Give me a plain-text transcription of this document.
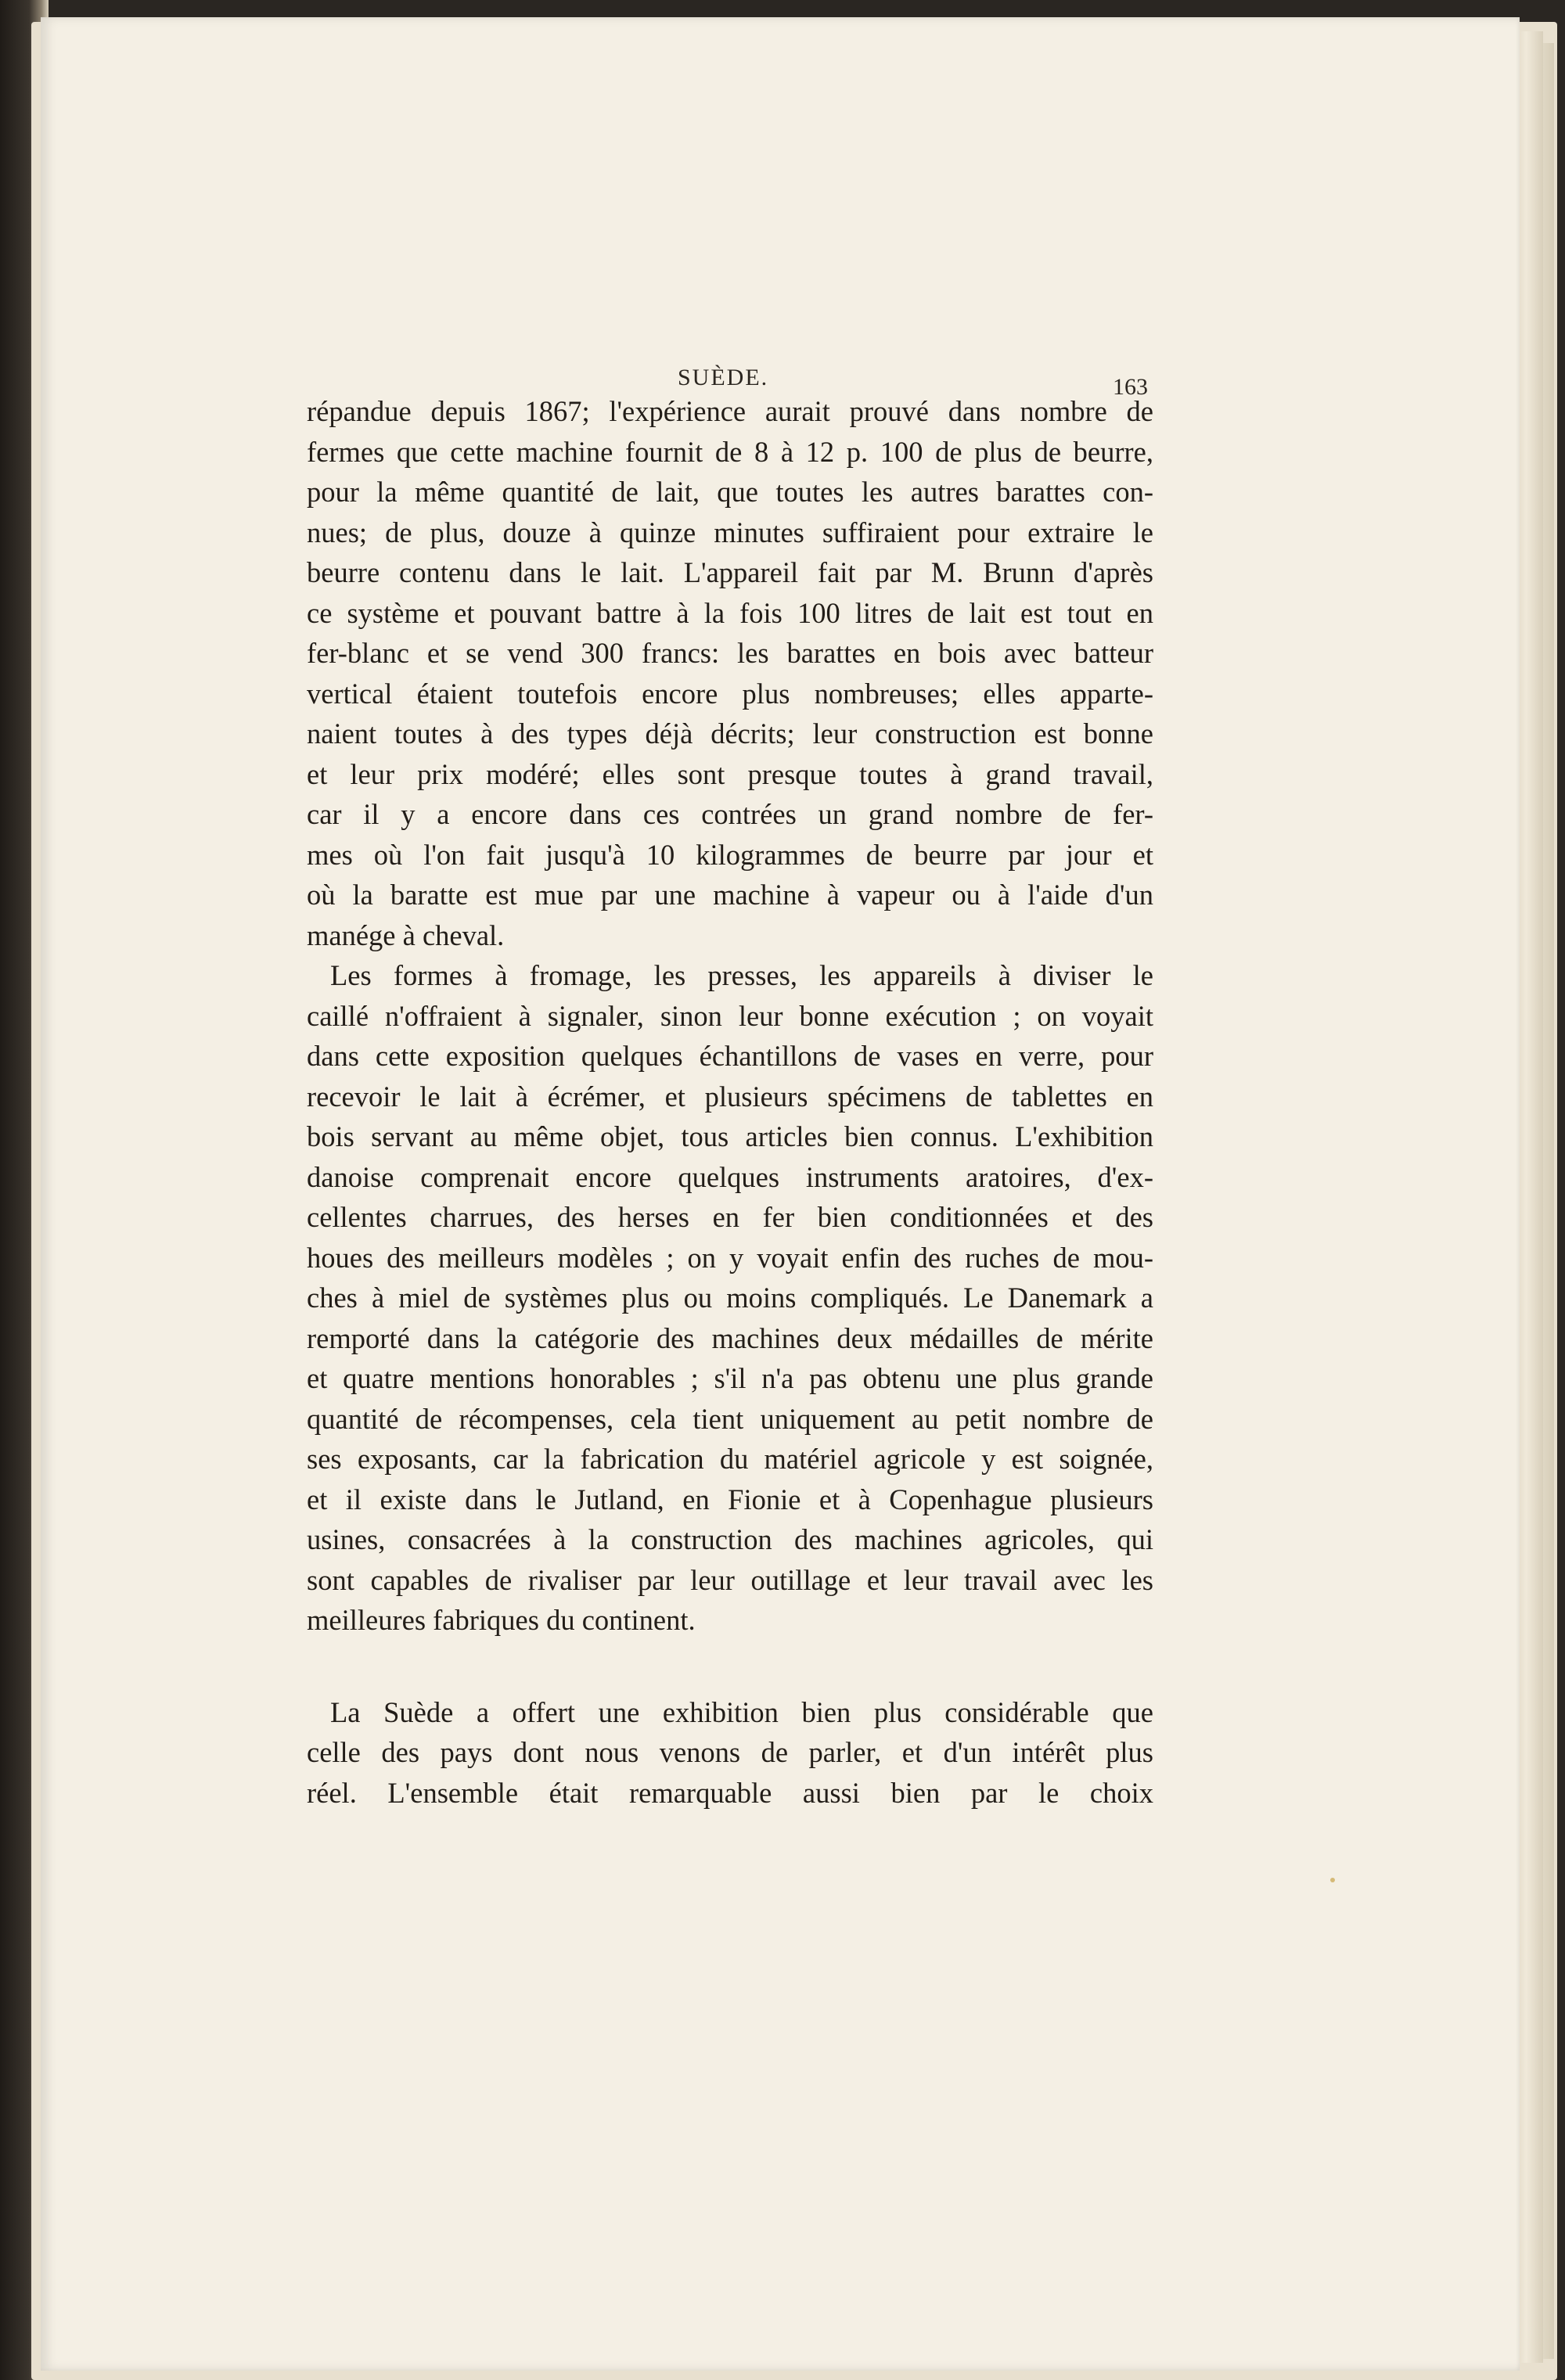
SUÈDE.	163

répandue depuis 1867; l'expérience aurait prouvé dans nombre de
fermes que cette machine fournit de 8 à 12 p. 100 de plus de beurre,
pour la même quantité de lait, que toutes les autres barattes con-
nues; de plus, douze à quinze minutes suffiraient pour extraire le
beurre contenu dans le lait. L'appareil fait par M. Brunn d'après
ce système et pouvant battre à la fois 100 litres de lait est tout en
fer-blanc et se vend 300 francs: les barattes en bois avec batteur
vertical étaient toutefois encore plus nombreuses; elles apparte-
naient toutes à des types déjà décrits; leur construction est bonne
et leur prix modéré; elles sont presque toutes à grand travail,
car il y a encore dans ces contrées un grand nombre de fer-
mes où l'on fait jusqu'à 10 kilogrammes de beurre par jour et
où la baratte est mue par une machine à vapeur ou à l'aide d'un
manége à cheval.

Les formes à fromage, les presses, les appareils à diviser le
caillé n'offraient à signaler, sinon leur bonne exécution ; on voyait
dans cette exposition quelques échantillons de vases en verre, pour
recevoir le lait à écrémer, et plusieurs spécimens de tablettes en
bois servant au même objet, tous articles bien connus. L'exhibition
danoise comprenait encore quelques instruments aratoires, d'ex-
cellentes charrues, des herses en fer bien conditionnées et des
houes des meilleurs modèles ; on y voyait enfin des ruches de mou-
ches à miel de systèmes plus ou moins compliqués. Le Danemark a
remporté dans la catégorie des machines deux médailles de mérite
et quatre mentions honorables ; s'il n'a pas obtenu une plus grande
quantité de récompenses, cela tient uniquement au petit nombre de
ses exposants, car la fabrication du matériel agricole y est soignée,
et il existe dans le Jutland, en Fionie et à Copenhague plusieurs
usines, consacrées à la construction des machines agricoles, qui
sont capables de rivaliser par leur outillage et leur travail avec les
meilleures fabriques du continent.

La Suède a offert une exhibition bien plus considérable que
celle des pays dont nous venons de parler, et d'un intérêt plus
réel. L'ensemble était remarquable aussi bien par le choix
